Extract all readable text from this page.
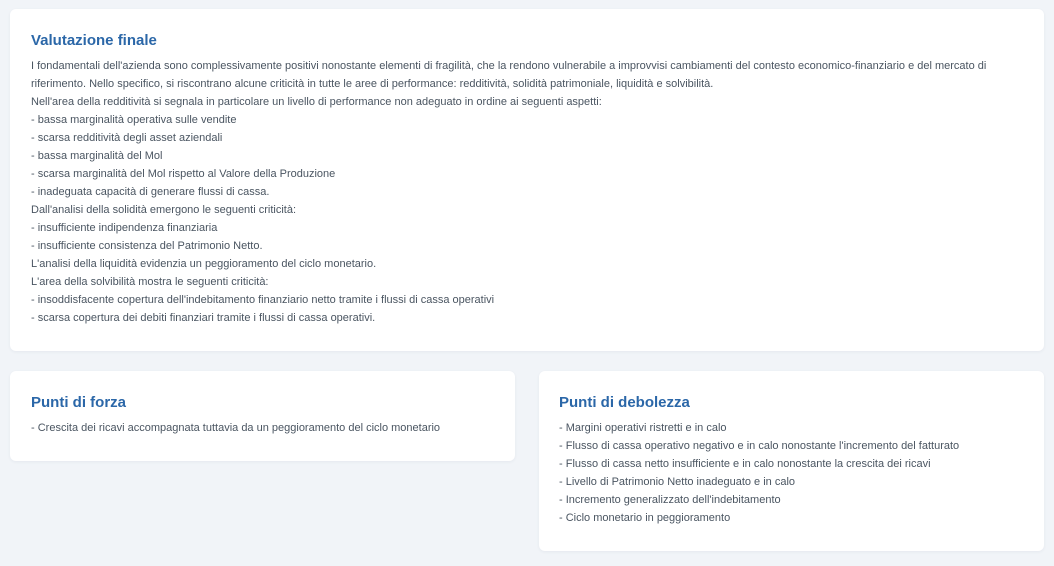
Valutazione finale
I fondamentali dell'azienda sono complessivamente positivi nonostante elementi di fragilità, che la rendono vulnerabile a improvvisi cambiamenti del contesto economico-finanziario e del mercato di riferimento. Nello specifico, si riscontrano alcune criticità in tutte le aree di performance: redditività, solidità patrimoniale, liquidità e solvibilità.
Nell'area della redditività si segnala in particolare un livello di performance non adeguato in ordine ai seguenti aspetti:
- bassa marginalità operativa sulle vendite
- scarsa redditività degli asset aziendali
- bassa marginalità del Mol
- scarsa marginalità del Mol rispetto al Valore della Produzione
- inadeguata capacità di generare flussi di cassa.
Dall'analisi della solidità emergono le seguenti criticità:
- insufficiente indipendenza finanziaria
- insufficiente consistenza del Patrimonio Netto.
L'analisi della liquidità evidenzia un peggioramento del ciclo monetario.
L'area della solvibilità mostra le seguenti criticità:
- insoddisfacente copertura dell'indebitamento finanziario netto tramite i flussi di cassa operativi
- scarsa copertura dei debiti finanziari tramite i flussi di cassa operativi.
Punti di forza
- Crescita dei ricavi accompagnata tuttavia da un peggioramento del ciclo monetario
Punti di debolezza
- Margini operativi ristretti e in calo
- Flusso di cassa operativo negativo e in calo nonostante l'incremento del fatturato
- Flusso di cassa netto insufficiente e in calo nonostante la crescita dei ricavi
- Livello di Patrimonio Netto inadeguato e in calo
- Incremento generalizzato dell'indebitamento
- Ciclo monetario in peggioramento
